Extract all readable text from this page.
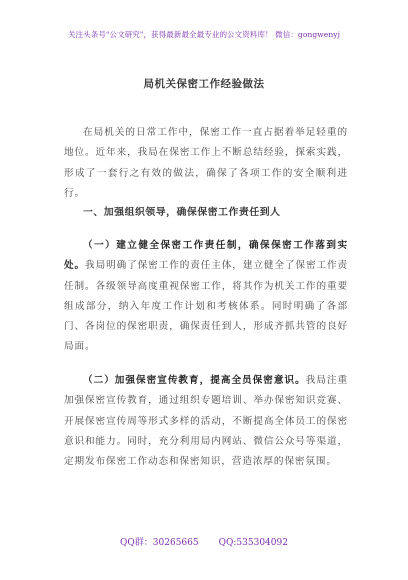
关注头条号"公文研究"，获得最新最全最专业的公文资料库！ 微信：gongwenyj
局机关保密工作经验做法
在局机关的日常工作中，保密工作一直占据着举足轻重的地位。近年来，我局在保密工作上不断总结经验，探索实践，形成了一套行之有效的做法，确保了各项工作的安全顺利进行。
一、加强组织领导，确保保密工作责任到人
（一）建立健全保密工作责任制，确保保密工作落到实处。我局明确了保密工作的责任主体，建立健全了保密工作责任制。各级领导高度重视保密工作，将其作为机关工作的重要组成部分，纳入年度工作计划和考核体系。同时明确了各部门、各岗位的保密职责，确保责任到人，形成齐抓共管的良好局面。
（二）加强保密宣传教育，提高全员保密意识。我局注重加强保密宣传教育，通过组织专题培训、举办保密知识竞赛、开展保密宣传周等形式多样的活动，不断提高全体员工的保密意识和能力。同时，充分利用局内网站、微信公众号等渠道，定期发布保密工作动态和保密知识，营造浓厚的保密氛围。
QQ群：30265665 QQ:535304092
